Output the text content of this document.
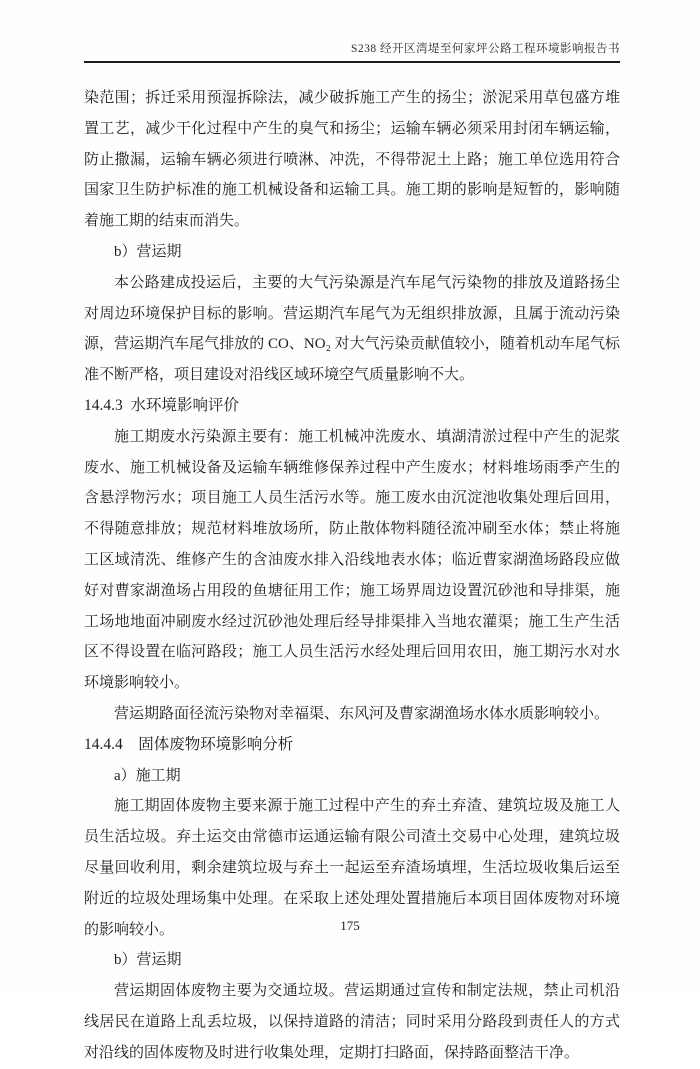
S238 经开区湾堤至何家坪公路工程环境影响报告书

染范围；拆迁采用预湿拆除法，减少破拆施工产生的扬尘；淤泥采用草包盛方堆置工艺，减少干化过程中产生的臭气和扬尘；运输车辆必须采用封闭车辆运输，防止撒漏，运输车辆必须进行喷淋、冲洗，不得带泥土上路；施工单位选用符合国家卫生防护标准的施工机械设备和运输工具。施工期的影响是短暂的，影响随着施工期的结束而消失。

b）营运期

本公路建成投运后，主要的大气污染源是汽车尾气污染物的排放及道路扬尘对周边环境保护目标的影响。营运期汽车尾气为无组织排放源，且属于流动污染源，营运期汽车尾气排放的 CO、NO₂ 对大气污染贡献值较小，随着机动车尾气标准不断严格，项目建设对沿线区域环境空气质量影响不大。

14.4.3  水环境影响评价

施工期废水污染源主要有：施工机械冲洗废水、填湖清淤过程中产生的泥浆废水、施工机械设备及运输车辆维修保养过程中产生废水；材料堆场雨季产生的含悬浮物污水；项目施工人员生活污水等。施工废水由沉淀池收集处理后回用，不得随意排放；规范材料堆放场所，防止散体物料随径流冲刷至水体；禁止将施工区域清洗、维修产生的含油废水排入沿线地表水体；临近曹家湖渔场路段应做好对曹家湖渔场占用段的鱼塘征用工作；施工场界周边设置沉砂池和导排渠，施工场地地面冲刷废水经过沉砂池处理后经导排渠排入当地农灌渠；施工生产生活区不得设置在临河路段；施工人员生活污水经处理后回用农田，施工期污水对水环境影响较小。

营运期路面径流污染物对幸福渠、东风河及曹家湖渔场水体水质影响较小。

14.4.4　固体废物环境影响分析

a）施工期

施工期固体废物主要来源于施工过程中产生的弃土弃渣、建筑垃圾及施工人员生活垃圾。弃土运交由常德市运通运输有限公司渣土交易中心处理，建筑垃圾尽量回收利用，剩余建筑垃圾与弃土一起运至弃渣场填埋，生活垃圾收集后运至附近的垃圾处理场集中处理。在采取上述处理处置措施后本项目固体废物对环境的影响较小。

b）营运期

营运期固体废物主要为交通垃圾。营运期通过宣传和制定法规，禁止司机沿线居民在道路上乱丢垃圾，以保持道路的清洁；同时采用分路段到责任人的方式对沿线的固体废物及时进行收集处理，定期打扫路面，保持路面整洁干净。

175
